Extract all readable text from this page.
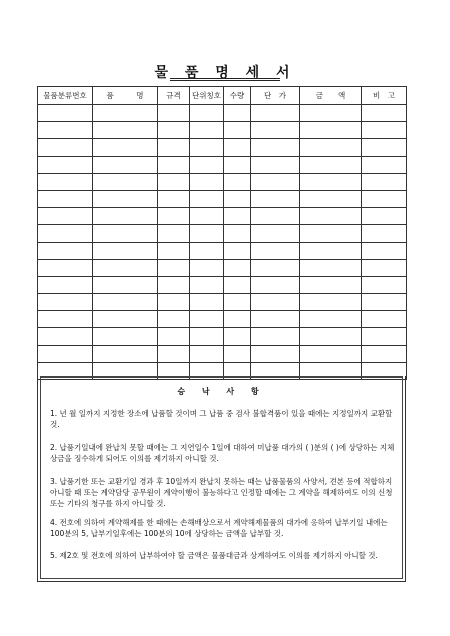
물 품 명 세 서
물품분류번호	품　　　명	규격	단위칭호	수량	단　가	금　　액	비　고

승 낙 사 항
1. 년 월 일까지 지정한 장소에 납품할 것이며 그 납품 중 검사 불합격품이 있을 때에는 지정일까지 교환할 것.
2. 납품기일내에 완납치 못할 때에는 그 지연일수 1일에 대하여 미납품 대가의 ( )분의 ( )에 상당하는 지체상금을 징수하게 되어도 이의를 제기하지 아니할 것.
3. 납품기한 또는 교환기일 경과 후 10일까지 완납치 못하는 때는 납품물품의 사양서, 견본 등에 적합하지 아니할 때 또는 계약담당 공무원이 계약이행이 불능하다고 인정할 때에는 그 계약을 해제하여도 이의 신청 또는 기타의 청구를 하지 아니할 것.
4. 전호에 의하여 계약해제를 한 때에는 손해배상으로서 계약해제물품의 대가에 응하여 납부기일 내에는 100분의 5, 납부기일후에는 100분의 10에 상당하는 금액을 납부할 것.
5. 제2호 및 전호에 의하여 납부하여야 할 금액은 물품대금과 상계하여도 이의를 제기하지 아니할 것.
